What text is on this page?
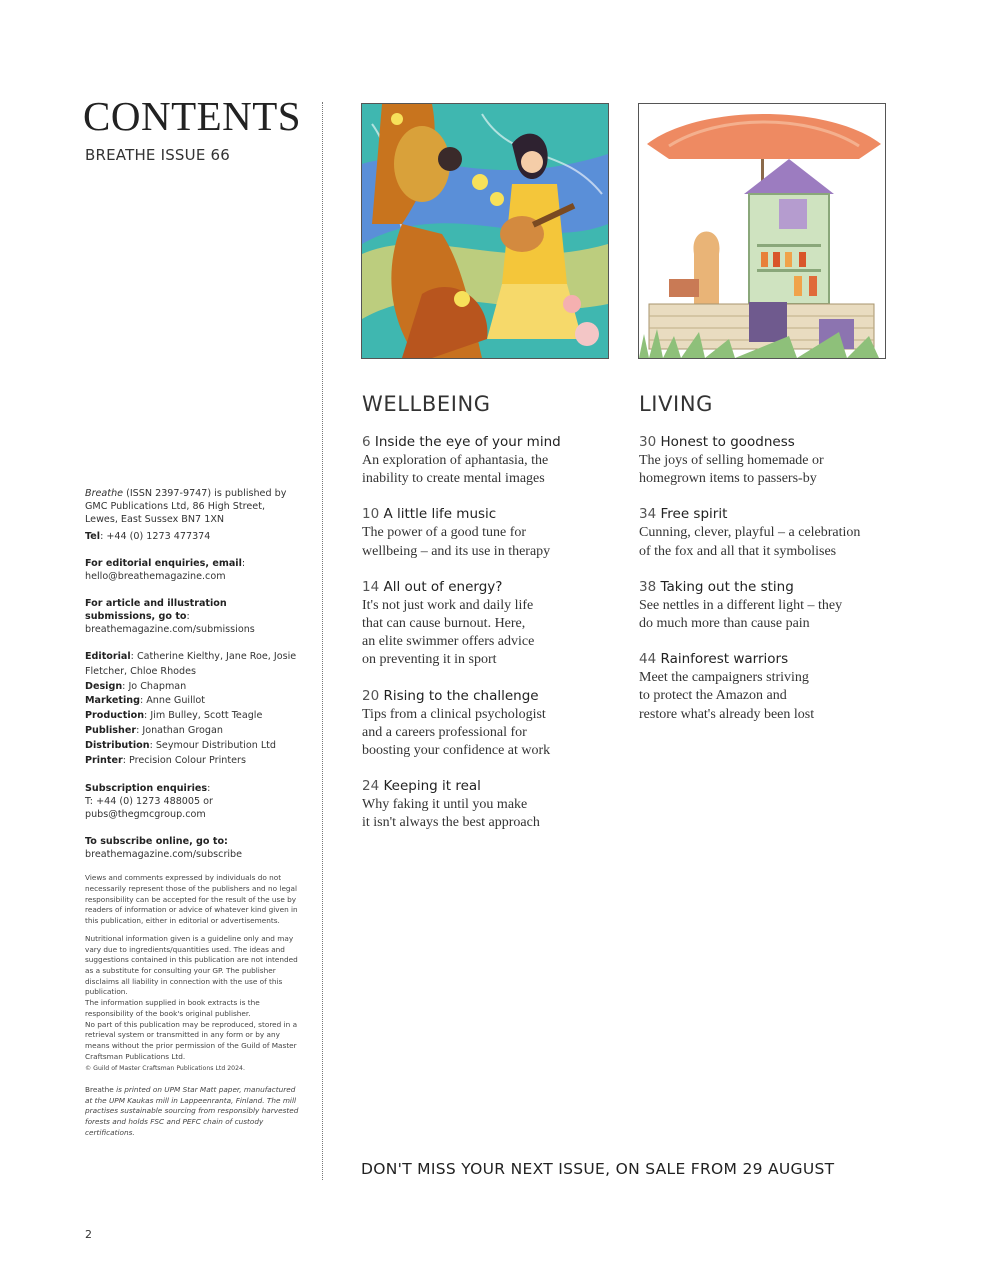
CONTENTS
BREATHE ISSUE 66

Breathe (ISSN 2397-9747) is published by GMC Publications Ltd, 86 High Street, Lewes, East Sussex BN7 1XN

Tel: +44 (0) 1273 477374

For editorial enquiries, email:
hello@breathemagazine.com

For article and illustration submissions, go to:
breathemagazine.com/submissions

Editorial: Catherine Kielthy, Jane Roe, Josie Fletcher, Chloe Rhodes
Design: Jo Chapman
Marketing: Anne Guillot
Production: Jim Bulley, Scott Teagle
Publisher: Jonathan Grogan
Distribution: Seymour Distribution Ltd
Printer: Precision Colour Printers

Subscription enquiries:
T: +44 (0) 1273 488005 or
pubs@thegmcgroup.com

To subscribe online, go to:
breathemagazine.com/subscribe

Views and comments expressed by individuals do not necessarily represent those of the publishers and no legal responsibility can be accepted for the result of the use by readers of information or advice of whatever kind given in this publication, either in editorial or advertisements.
Nutritional information given is a guideline only and may vary due to ingredients/quantities used. The ideas and suggestions contained in this publication are not intended as a substitute for consulting your GP. The publisher disclaims all liability in connection with the use of this publication.
The information supplied in book extracts is the responsibility of the book's original publisher.
No part of this publication may be reproduced, stored in a retrieval system or transmitted in any form or by any means without the prior permission of the Guild of Master Craftsman Publications Ltd.
© Guild of Master Craftsman Publications Ltd 2024.
Breathe is printed on UPM Star Matt paper, manufactured at the UPM Kaukas mill in Lappeenranta, Finland. The mill practises sustainable sourcing from responsibly harvested forests and holds FSC and PEFC chain of custody certifications.
WELLBEING
6 Inside the eye of your mind
An exploration of aphantasia, the
inability to create mental images
10 A little life music
The power of a good tune for
wellbeing – and its use in therapy
14 All out of energy?
It's not just work and daily life
that can cause burnout. Here,
an elite swimmer offers advice
on preventing it in sport
20 Rising to the challenge
Tips from a clinical psychologist
and a careers professional for
boosting your confidence at work
24 Keeping it real
Why faking it until you make
it isn't always the best approach
LIVING
30 Honest to goodness
The joys of selling homemade or
homegrown items to passers-by
34 Free spirit
Cunning, clever, playful – a celebration
of the fox and all that it symbolises
38 Taking out the sting
See nettles in a different light – they
do much more than cause pain
44 Rainforest warriors
Meet the campaigners striving
to protect the Amazon and
restore what's already been lost
DON'T MISS YOUR NEXT ISSUE, ON SALE FROM 29 AUGUST
2
